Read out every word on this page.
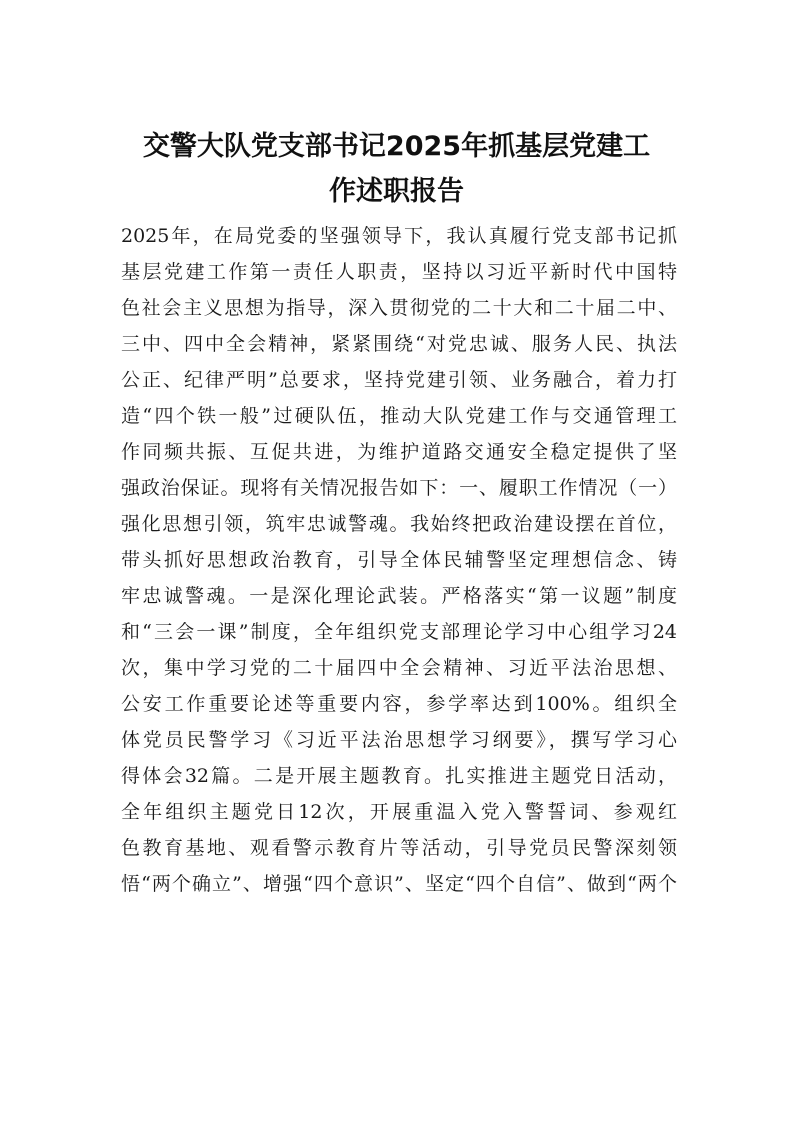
交警大队党支部书记2025年抓基层党建工
作述职报告
2025年，在局党委的坚强领导下，我认真履行党支部书记抓
基层党建工作第一责任人职责，坚持以习近平新时代中国特
色社会主义思想为指导，深入贯彻党的二十大和二十届二中、
三中、四中全会精神，紧紧围绕“对党忠诚、服务人民、执法
公正、纪律严明”总要求，坚持党建引领、业务融合，着力打
造“四个铁一般”过硬队伍，推动大队党建工作与交通管理工
作同频共振、互促共进，为维护道路交通安全稳定提供了坚
强政治保证。现将有关情况报告如下：一、履职工作情况（一）
强化思想引领，筑牢忠诚警魂。我始终把政治建设摆在首位，
带头抓好思想政治教育，引导全体民辅警坚定理想信念、铸
牢忠诚警魂。一是深化理论武装。严格落实“第一议题”制度
和“三会一课”制度，全年组织党支部理论学习中心组学习24
次，集中学习党的二十届四中全会精神、习近平法治思想、
公安工作重要论述等重要内容，参学率达到100%。组织全
体党员民警学习《习近平法治思想学习纲要》，撰写学习心
得体会32篇。二是开展主题教育。扎实推进主题党日活动，
全年组织主题党日12次，开展重温入党入警誓词、参观红
色教育基地、观看警示教育片等活动，引导党员民警深刻领
悟“两个确立”、增强“四个意识”、坚定“四个自信”、做到“两个
